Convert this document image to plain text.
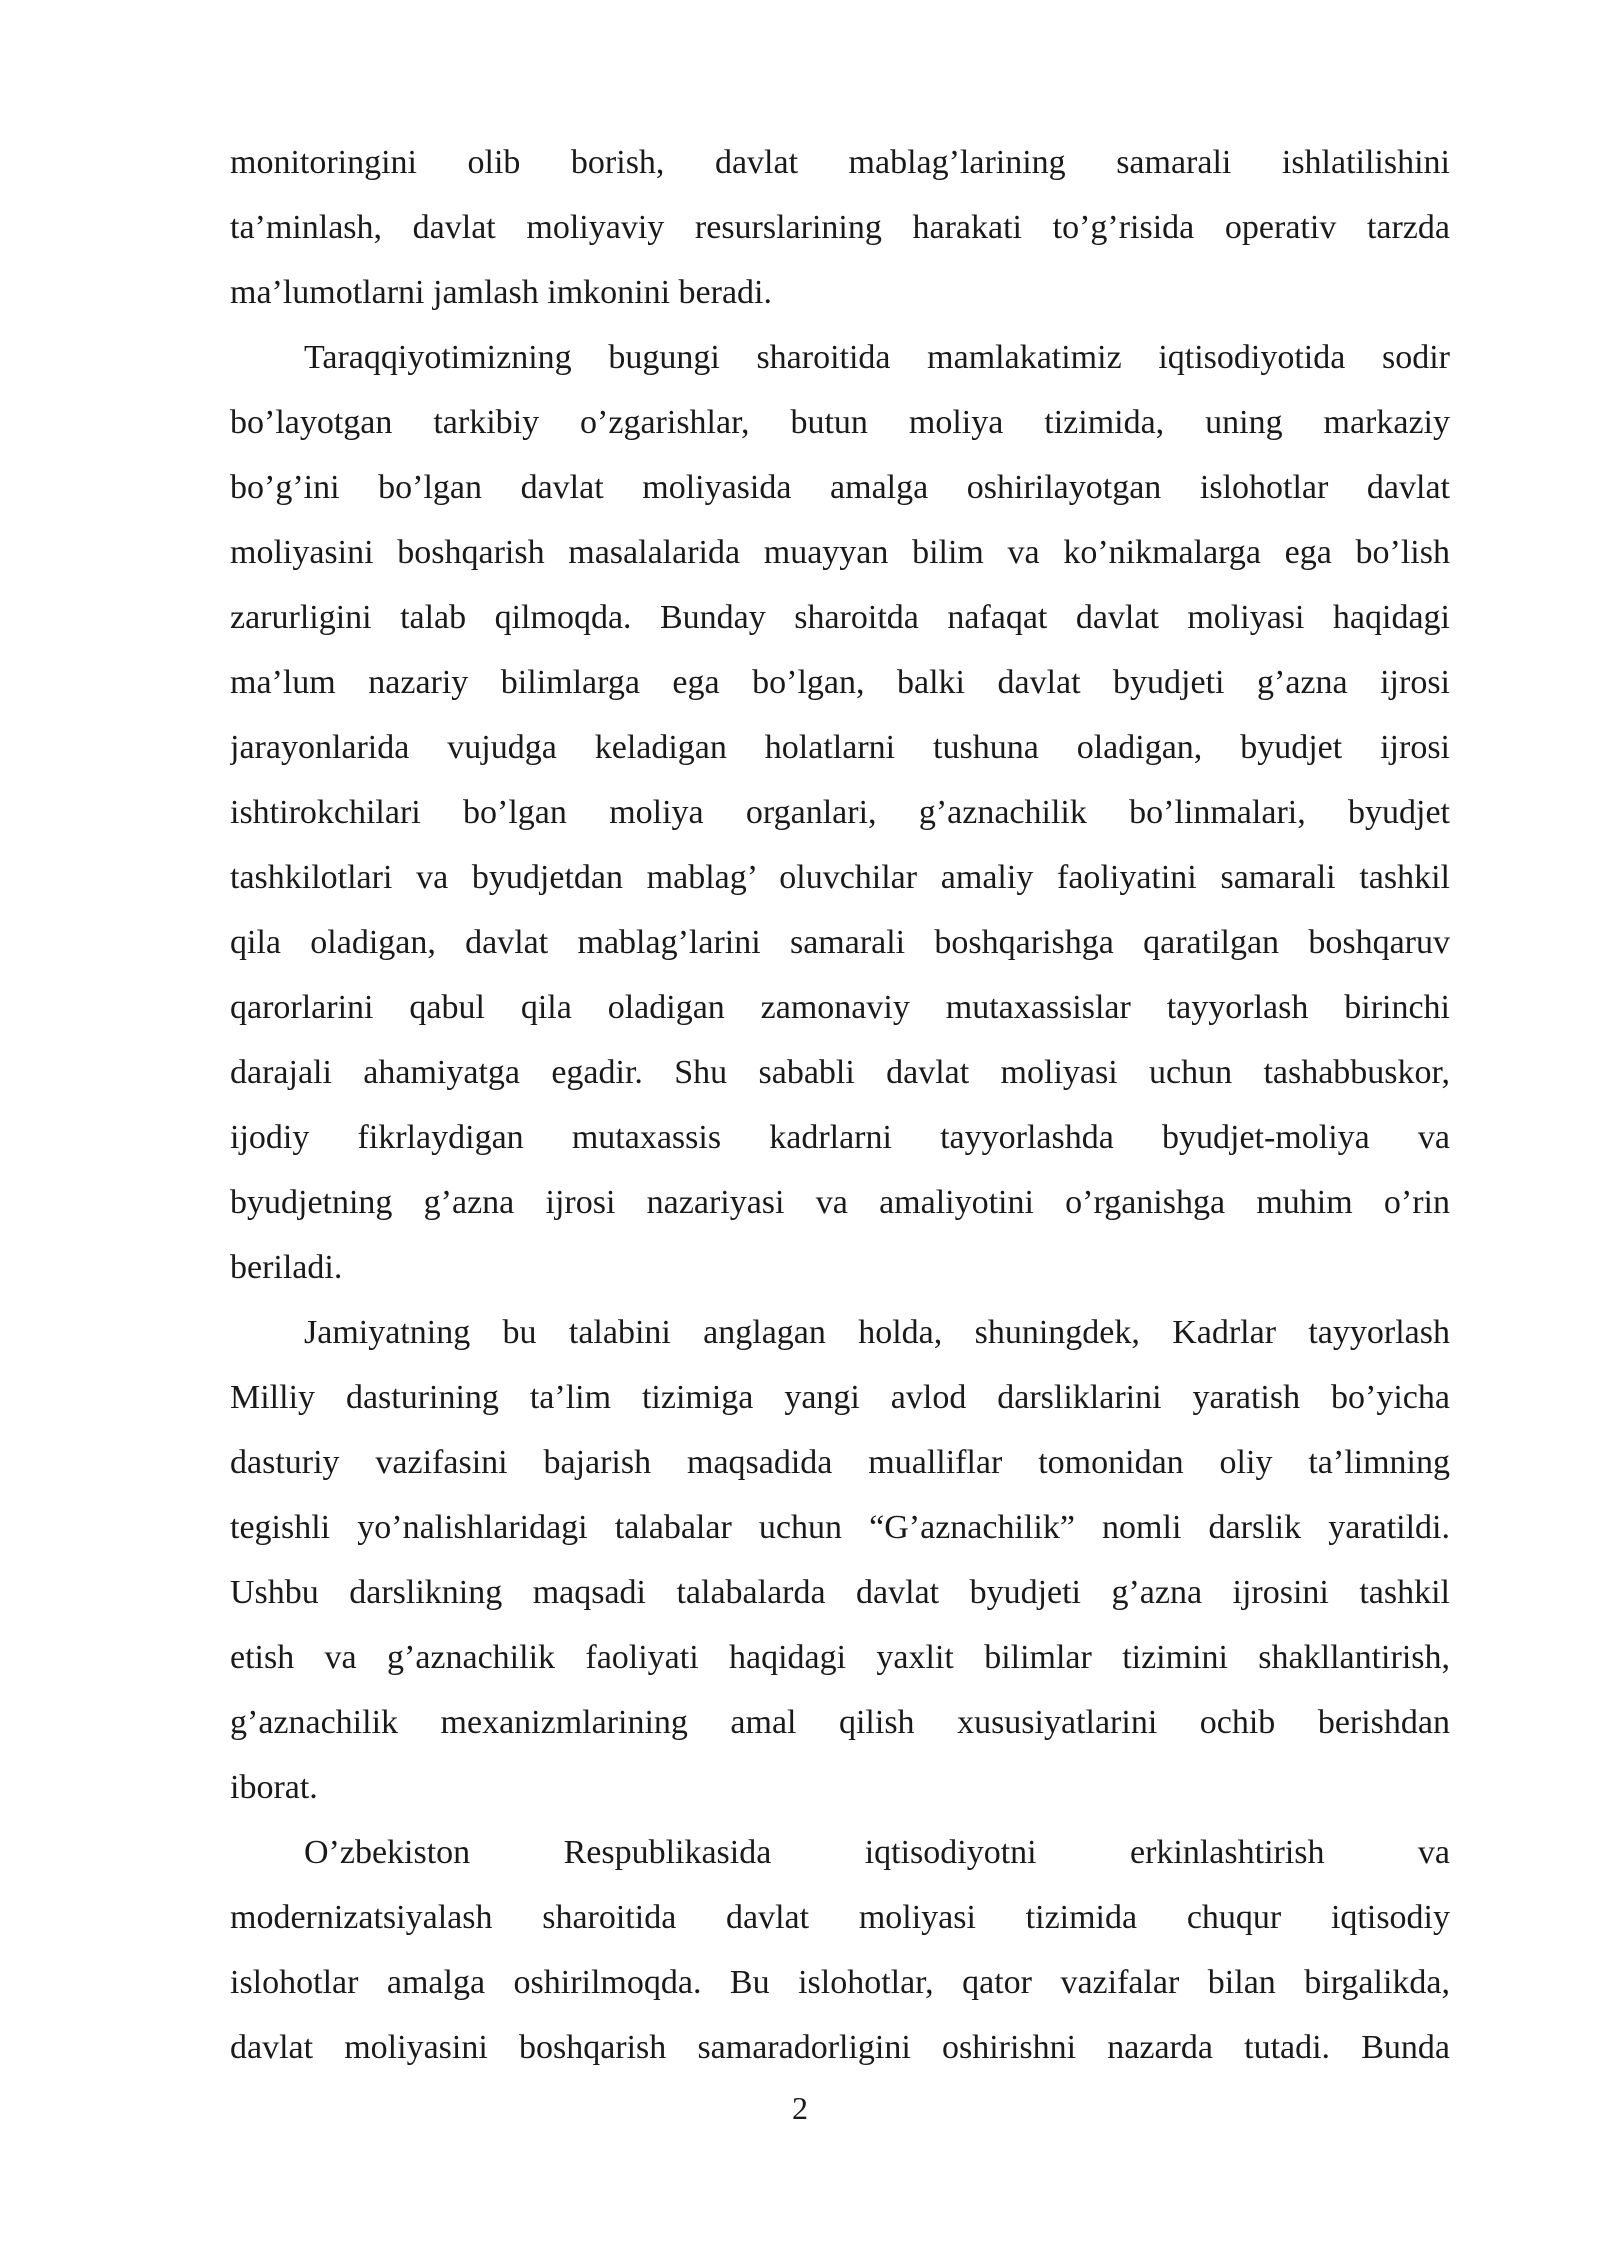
monitoringini olib borish, davlat mablag’larining samarali ishlatilishini
ta’minlash, davlat moliyaviy resurslarining harakati to’g’risida operativ tarzda
ma’lumotlarni jamlash imkonini beradi.
Taraqqiyotimizning bugungi sharoitida mamlakatimiz iqtisodiyotida sodir
bo’layotgan tarkibiy o’zgarishlar, butun moliya tizimida, uning markaziy
bo’g’ini bo’lgan davlat moliyasida amalga oshirilayotgan islohotlar davlat
moliyasini boshqarish masalalarida muayyan bilim va ko’nikmalarga ega bo’lish
zarurligini talab qilmoqda. Bunday sharoitda nafaqat davlat moliyasi haqidagi
ma’lum nazariy bilimlarga ega bo’lgan, balki davlat byudjeti g’azna ijrosi
jarayonlarida vujudga keladigan holatlarni tushuna oladigan, byudjet ijrosi
ishtirokchilari bo’lgan moliya organlari, g’aznachilik bo’linmalari, byudjet
tashkilotlari va byudjetdan mablag’ oluvchilar amaliy faoliyatini samarali tashkil
qila oladigan, davlat mablag’larini samarali boshqarishga qaratilgan boshqaruv
qarorlarini qabul qila oladigan zamonaviy mutaxassislar tayyorlash birinchi
darajali ahamiyatga egadir. Shu sababli davlat moliyasi uchun tashabbuskor,
ijodiy fikrlaydigan mutaxassis kadrlarni tayyorlashda byudjet-moliya va
byudjetning g’azna ijrosi nazariyasi va amaliyotini o’rganishga muhim o’rin
beriladi.
Jamiyatning bu talabini anglagan holda, shuningdek, Kadrlar tayyorlash
Milliy dasturining ta’lim tizimiga yangi avlod darsliklarini yaratish bo’yicha
dasturiy vazifasini bajarish maqsadida mualliflar tomonidan oliy ta’limning
tegishli yo’nalishlaridagi talabalar uchun “G’aznachilik” nomli darslik yaratildi.
Ushbu darslikning maqsadi talabalarda davlat byudjeti g’azna ijrosini tashkil
etish va g’aznachilik faoliyati haqidagi yaxlit bilimlar tizimini shakllantirish,
g’aznachilik mexanizmlarining amal qilish xususiyatlarini ochib berishdan
iborat.
O’zbekiston Respublikasida iqtisodiyotni erkinlashtirish va
modernizatsiyalash sharoitida davlat moliyasi tizimida chuqur iqtisodiy
islohotlar amalga oshirilmoqda. Bu islohotlar, qator vazifalar bilan birgalikda,
davlat moliyasini boshqarish samaradorligini oshirishni nazarda tutadi. Bunda
2
